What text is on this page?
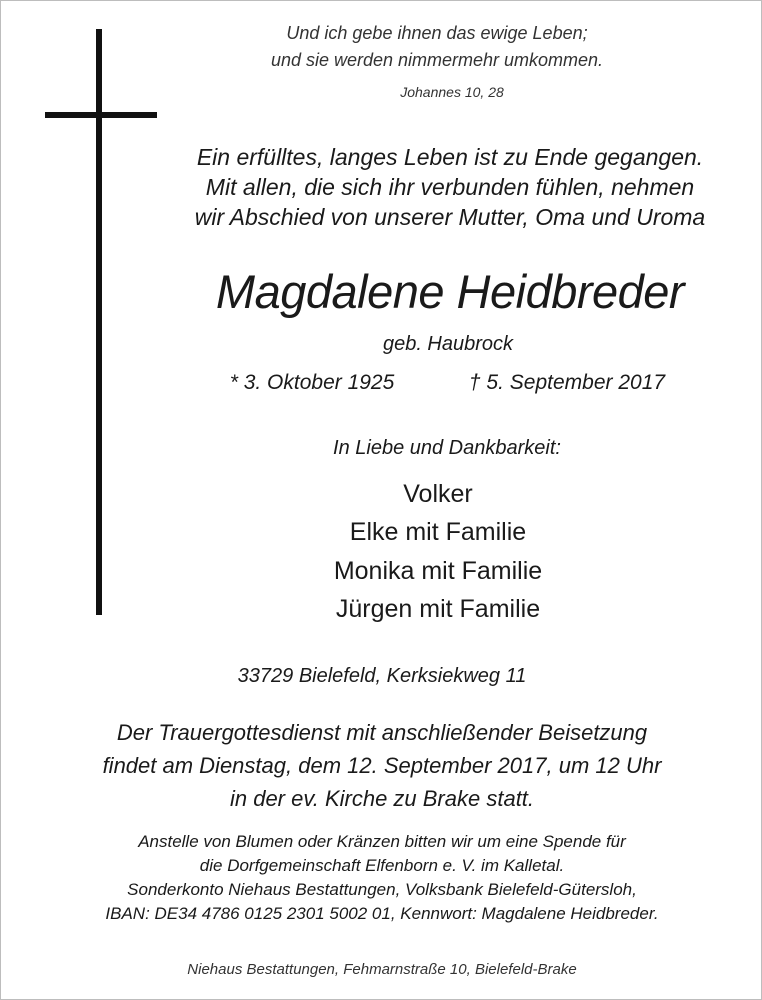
Und ich gebe ihnen das ewige Leben;
und sie werden nimmermehr umkommen.
Johannes 10, 28
Ein erfülltes, langes Leben ist zu Ende gegangen.
Mit allen, die sich ihr verbunden fühlen, nehmen
wir Abschied von unserer Mutter, Oma und Uroma
Magdalene Heidbreder
geb. Haubrock
* 3. Oktober 1925	† 5. September 2017
In Liebe und Dankbarkeit:
Volker
Elke mit Familie
Monika mit Familie
Jürgen mit Familie
33729 Bielefeld, Kerksiekweg 11
Der Trauergottesdienst mit anschließender Beisetzung
findet am Dienstag, dem 12. September 2017, um 12 Uhr
in der ev. Kirche zu Brake statt.
Anstelle von Blumen oder Kränzen bitten wir um eine Spende für
die Dorfgemeinschaft Elfenborn e. V. im Kalletal.
Sonderkonto Niehaus Bestattungen, Volksbank Bielefeld-Gütersloh,
IBAN: DE34 4786 0125 2301 5002 01, Kennwort: Magdalene Heidbreder.
Niehaus Bestattungen, Fehmarnstraße 10, Bielefeld-Brake
